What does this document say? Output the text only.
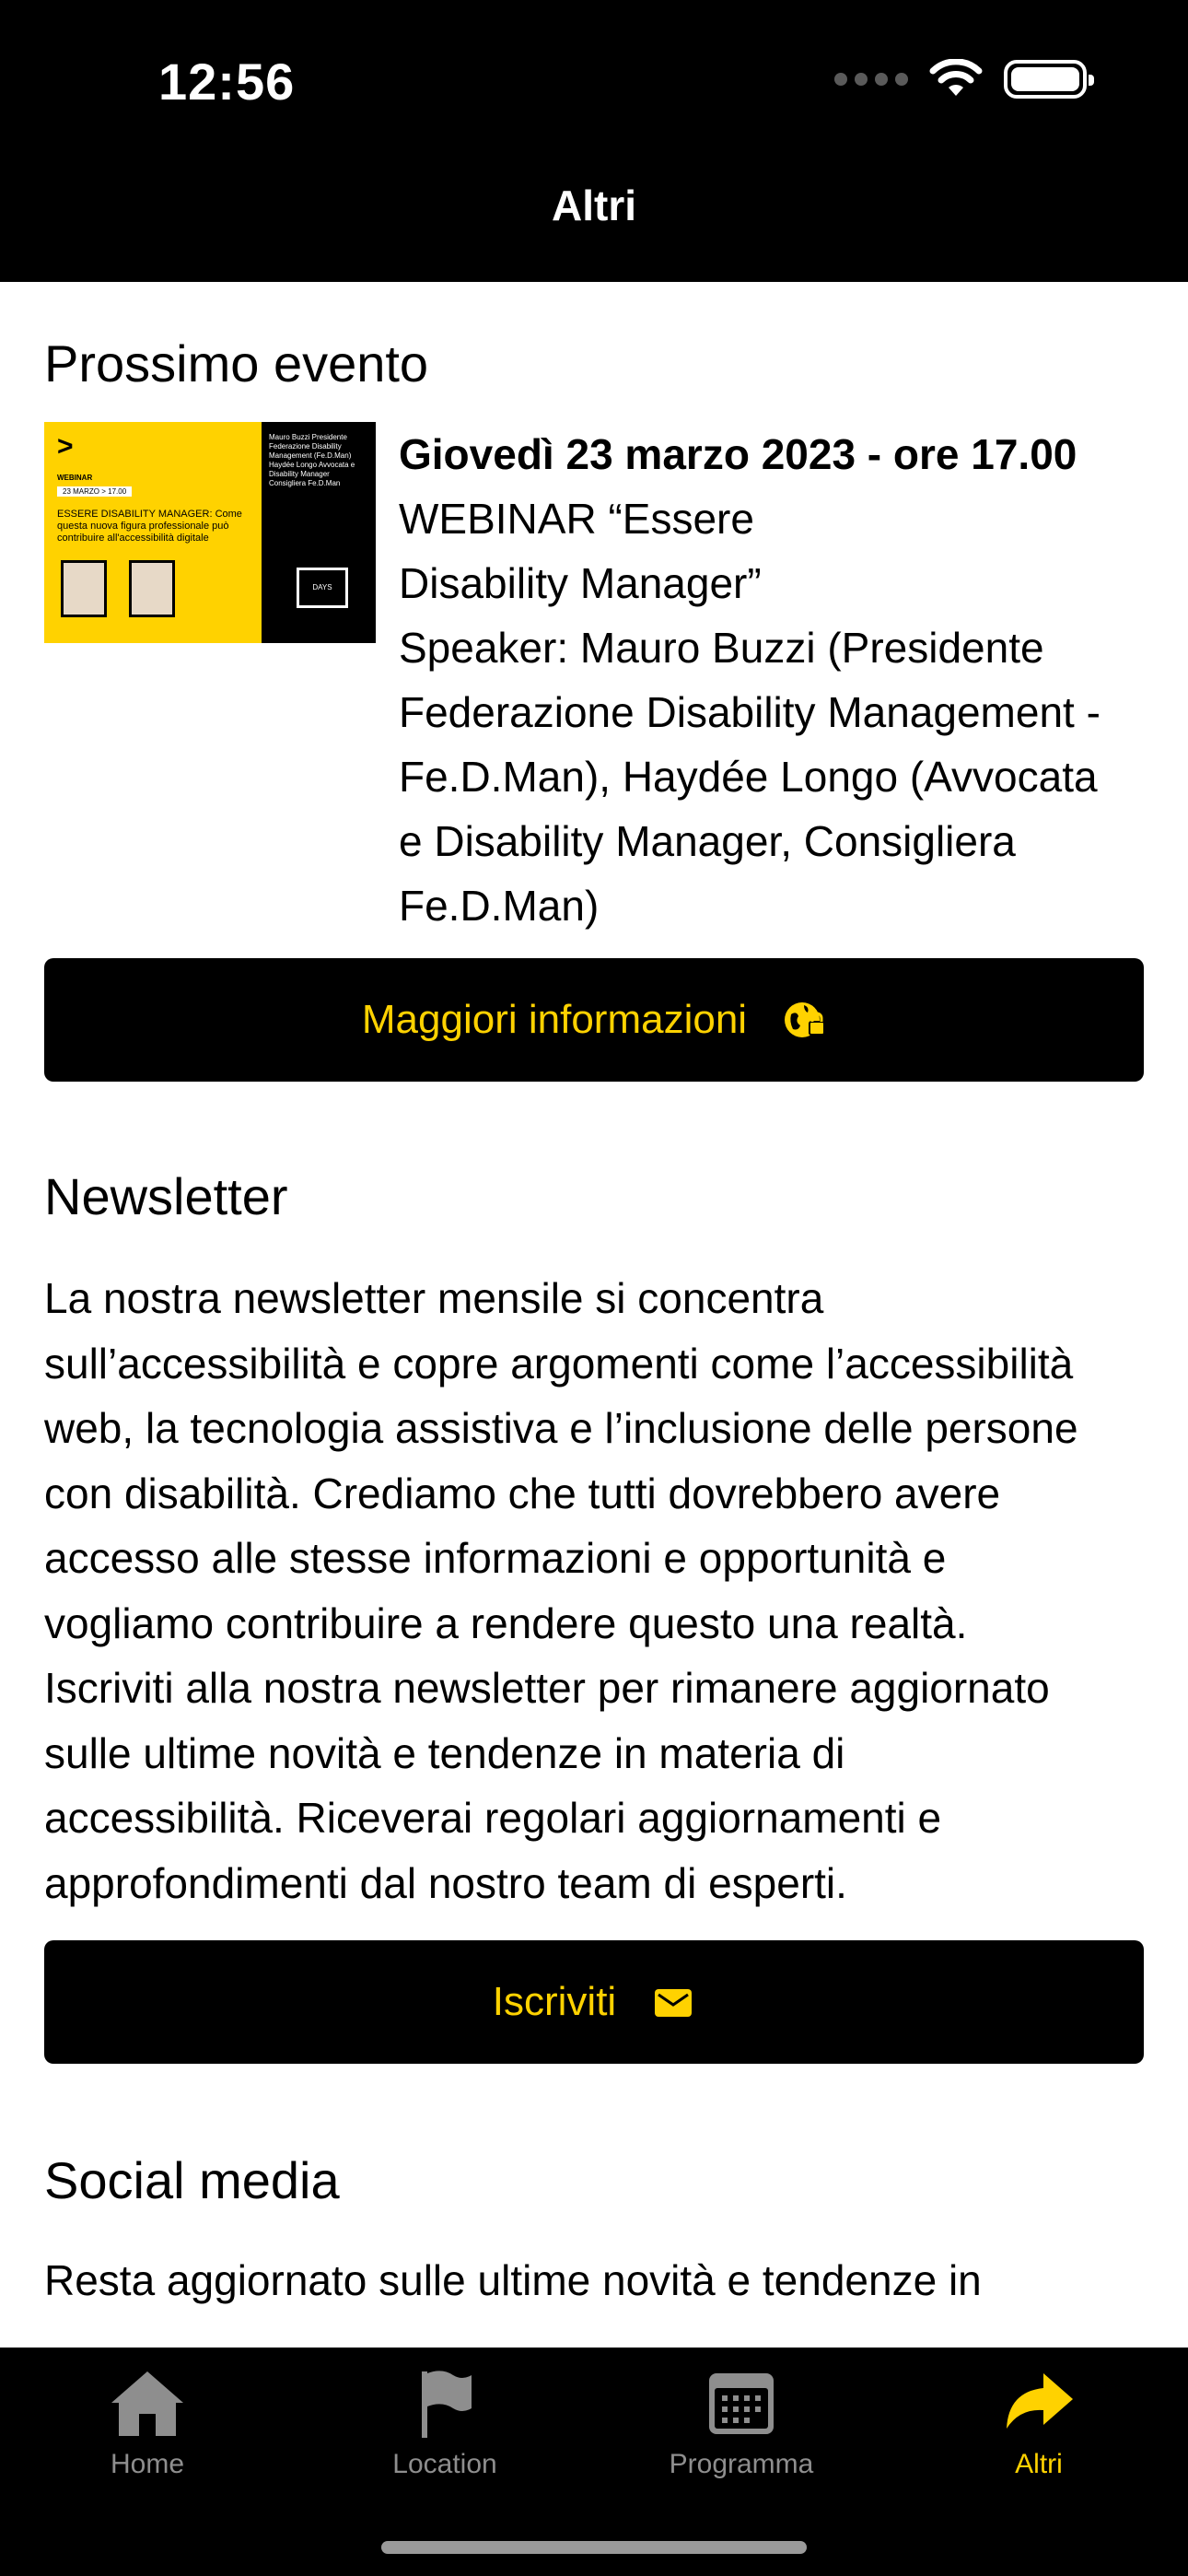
12:56
Altri
Prossimo evento
>
WEBINAR
23 MARZO > 17.00
ESSERE DISABILITY MANAGER: Come questa nuova figura professionale può contribuire all'accessibilità digitale
Mauro Buzzi Presidente Federazione Disability Management (Fe.D.Man) Haydée Longo Avvocata e Disability Manager Consigliera Fe.D.Man
DAYS
Giovedì 23 marzo 2023 - ore 17.00
WEBINAR “Essere
Disability Manager”
Speaker: Mauro Buzzi (Presidente
Federazione Disability Management -
Fe.D.Man), Haydée Longo (Avvocata
e Disability Manager, Consigliera
Fe.D.Man)
Maggiori informazioni
Newsletter
La nostra newsletter mensile si concentra
sull’accessibilità e copre argomenti come l’accessibilità
web, la tecnologia assistiva e l’inclusione delle persone
con disabilità. Crediamo che tutti dovrebbero avere
accesso alle stesse informazioni e opportunità e
vogliamo contribuire a rendere questo una realtà.
Iscriviti alla nostra newsletter per rimanere aggiornato
sulle ultime novità e tendenze in materia di
accessibilità. Riceverai regolari aggiornamenti e
approfondimenti dal nostro team di esperti.
Iscriviti
Social media
Resta aggiornato sulle ultime novità e tendenze in
Home	Location	Programma	Altri
